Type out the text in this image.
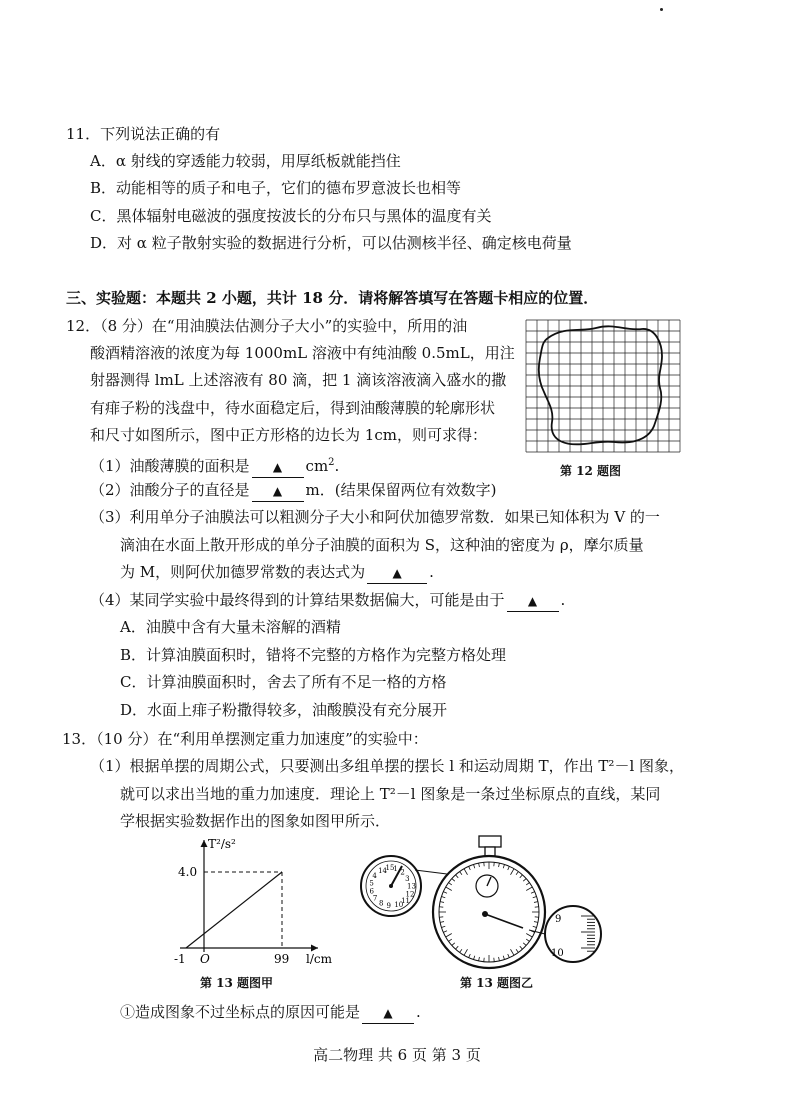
11．下列说法正确的有
A．α 射线的穿透能力较弱，用厚纸板就能挡住
B．动能相等的质子和电子，它们的德布罗意波长也相等
C．黑体辐射电磁波的强度按波长的分布只与黑体的温度有关
D．对 α 粒子散射实验的数据进行分析，可以估测核半径、确定核电荷量
三、实验题：本题共 2 小题，共计 18 分．请将解答填写在答题卡相应的位置．
12．（8 分）在“用油膜法估测分子大小”的实验中，所用的油
酸酒精溶液的浓度为每 1000mL 溶液中有纯油酸 0.5mL，用注
射器测得 lmL 上述溶液有 80 滴，把 1 滴该溶液滴入盛水的撒
有痱子粉的浅盘中，待水面稳定后，得到油酸薄膜的轮廓形状
和尺寸如图所示，图中正方形格的边长为 1cm，则可求得：
（1）油酸薄膜的面积是 ▲ $cm^2$.
（2）油酸分子的直径是 ▲ m．(结果保留两位有效数字)
（3）利用单分子油膜法可以粗测分子大小和阿伏加德罗常数．如果已知体积为 V 的一
滴油在水面上散开形成的单分子油膜的面积为 S，这种油的密度为 ρ，摩尔质量
为 M，则阿伏加德罗常数的表达式为 ▲ .
（4）某同学实验中最终得到的计算结果数据偏大，可能是由于 ▲ .
A．油膜中含有大量未溶解的酒精
B．计算油膜面积时，错将不完整的方格作为完整方格处理
C．计算油膜面积时，舍去了所有不足一格的方格
D．水面上痱子粉撒得较多，油酸膜没有充分展开
第 12 题图
13．（10 分）在“利用单摆测定重力加速度”的实验中：
（1）根据单摆的周期公式，只要测出多组单摆的摆长 l 和运动周期 T，作出 T²－l 图象，
就可以求出当地的重力加速度．理论上 T²－l 图象是一条过坐标原点的直线，某同
学根据实验数据作出的图象如图甲所示．
T²/s²
4.0
-1 O	99 l/cm
第 13 题图甲
14
15
1 2
3
13
12
11
10
9
8
7
6
5
4
9
10
第 13 题图乙
①造成图象不过坐标点的原因可能是 ▲ .
高二物理 共 6 页 第 3 页
